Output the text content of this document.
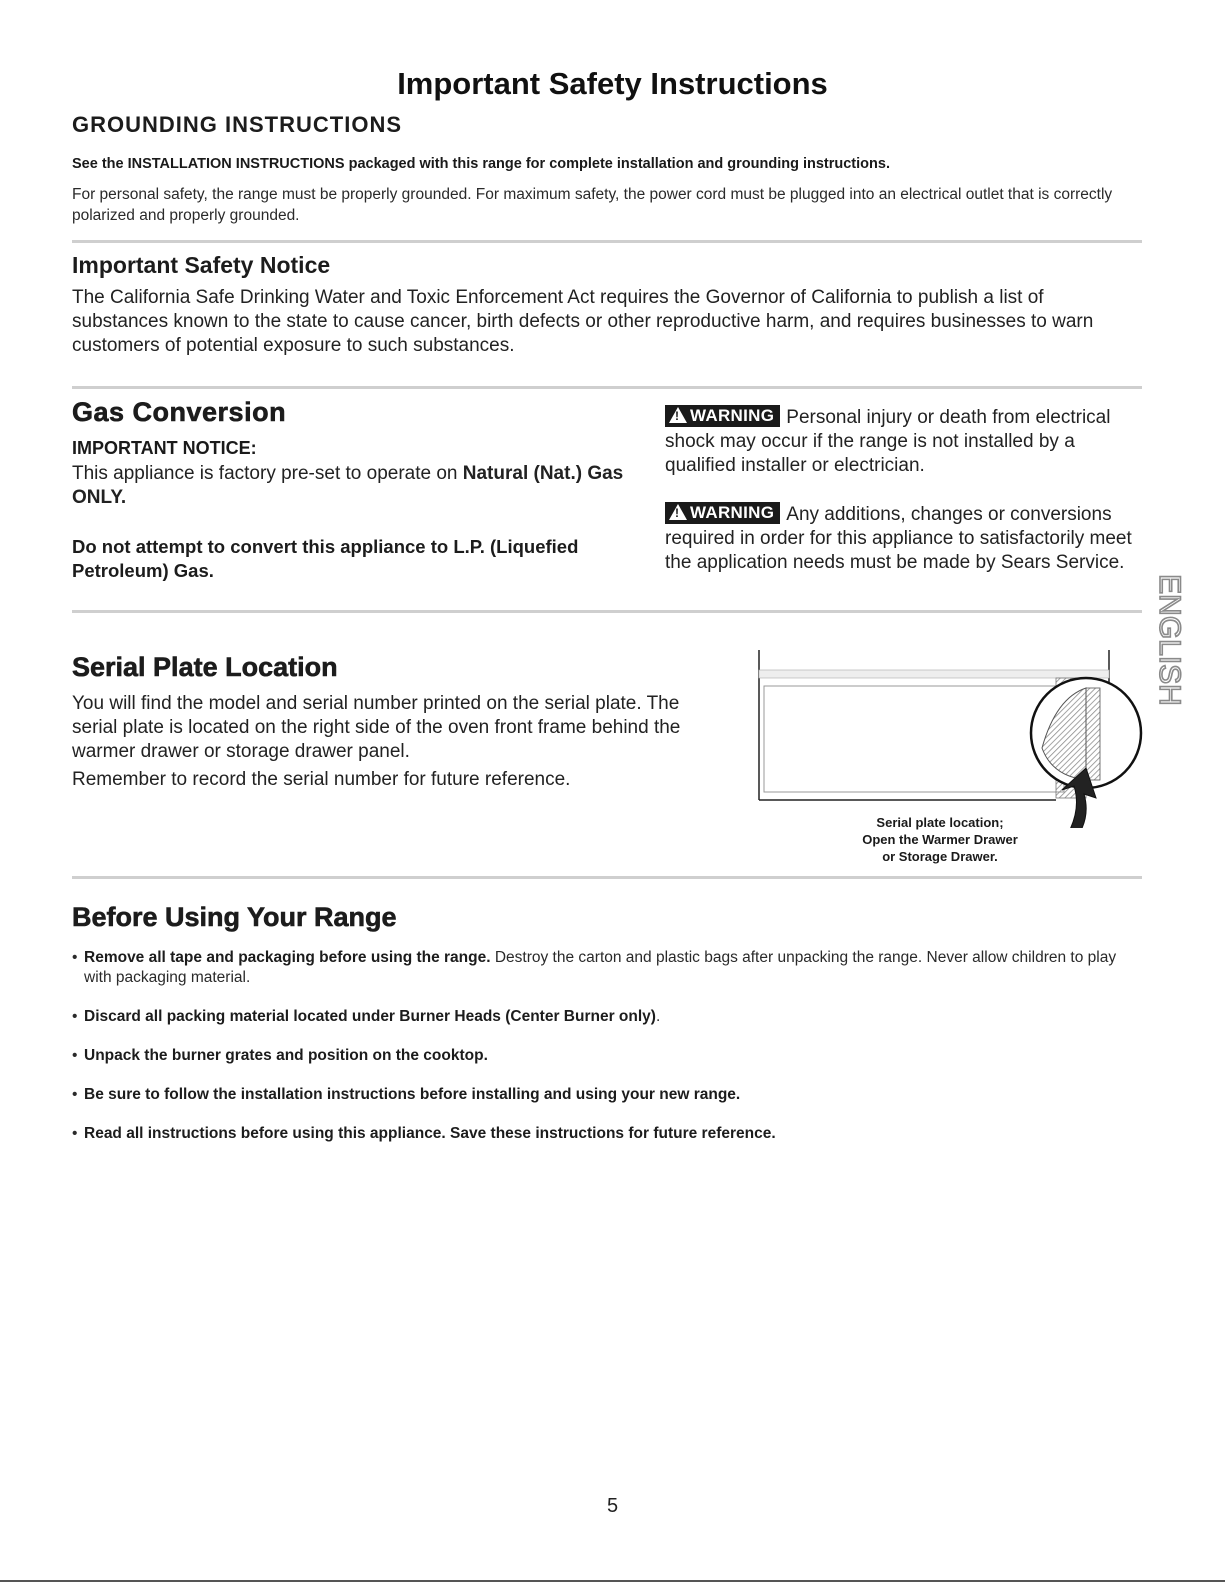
Important Safety Instructions
GROUNDING INSTRUCTIONS

See the INSTALLATION INSTRUCTIONS packaged with this range for complete installation and grounding instructions.

For personal safety, the range must be properly grounded. For maximum safety, the power cord must be plugged into an electrical outlet that is correctly polarized and properly grounded.

Important Safety Notice

The California Safe Drinking Water and Toxic Enforcement Act requires the Governor of California to publish a list of substances known to the state to cause cancer, birth defects or other reproductive harm, and requires businesses to warn customers of potential exposure to such substances.

Gas Conversion

IMPORTANT NOTICE:

This appliance is factory pre-set to operate on Natural (Nat.) Gas ONLY.

Do not attempt to convert this appliance to L.P. (Liquefied Petroleum) Gas.

!WARNING Personal injury or death from electrical shock may occur if the range is not installed by a qualified installer or electrician.

!WARNING Any additions, changes or conversions required in order for this appliance to satisfactorily meet the application needs must be made by Sears Service.

ENGLISH
Serial Plate Location

You will find the model and serial number printed on the serial plate. The serial plate is located on the right side of the oven front frame behind the warmer drawer or storage drawer panel.

Remember to record the serial number for future reference.

Serial plate location;
Open the Warmer Drawer
or Storage Drawer.
Before Using Your Range
• Remove all tape and packaging before using the range. Destroy the carton and plastic bags after unpacking the range. Never allow children to play with packaging material.
• Discard all packing material located under Burner Heads (Center Burner only).
• Unpack the burner grates and position on the cooktop.
• Be sure to follow the installation instructions before installing and using your new range.
• Read all instructions before using this appliance. Save these instructions for future reference.

5
